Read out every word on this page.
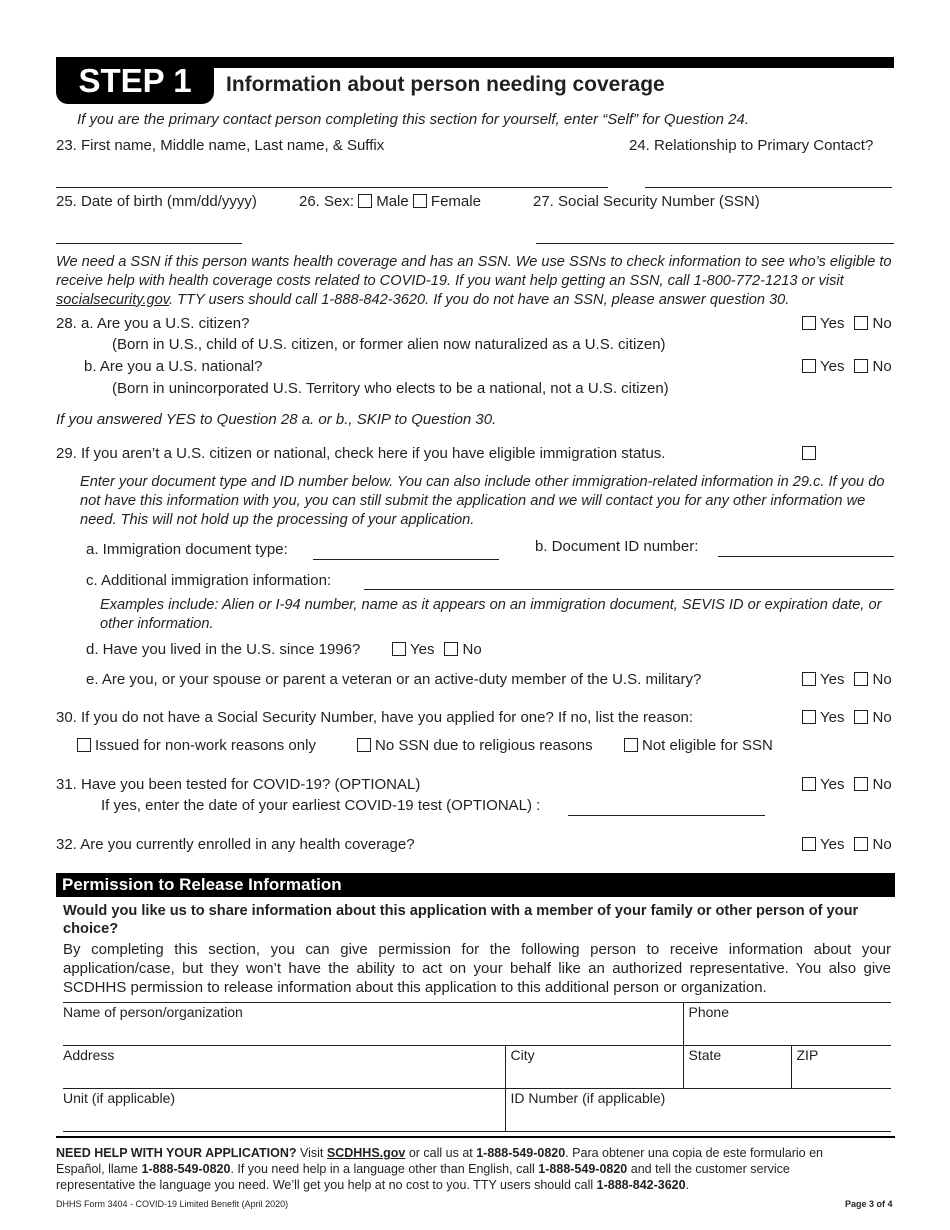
STEP 1	Information about person needing coverage
If you are the primary contact person completing this section for yourself, enter “Self” for Question 24.
23. First name, Middle name, Last name, & Suffix	24. Relationship to Primary Contact?
25. Date of birth (mm/dd/yyyy)	26. Sex: Male Female	27. Social Security Number (SSN)
We need a SSN if this person wants health coverage and has an SSN. We use SSNs to check information to see who’s eligible to receive help with health coverage costs related to COVID-19. If you want help getting an SSN, call 1-800-772-1213 or visit socialsecurity.gov. TTY users should call 1-888-842-3620. If you do not have an SSN, please answer question 30.
28. a. Are you a U.S. citizen?	Yes No
(Born in U.S., child of U.S. citizen, or former alien now naturalized as a U.S. citizen)
b. Are you a U.S. national?	Yes No
(Born in unincorporated U.S. Territory who elects to be a national, not a U.S. citizen)
If you answered YES to Question 28 a. or b., SKIP to Question 30.
29. If you aren’t a U.S. citizen or national, check here if you have eligible immigration status.
Enter your document type and ID number below. You can also include other immigration-related information in 29.c. If you do not have this information with you, you can still submit the application and we will contact you for any other information we need. This will not hold up the processing of your application.
a. Immigration document type:	b. Document ID number:
c. Additional immigration information:
Examples include: Alien or I-94 number, name as it appears on an immigration document, SEVIS ID or expiration date, or other information.
d. Have you lived in the U.S. since 1996?	Yes No
e. Are you, or your spouse or parent a veteran or an active-duty member of the U.S. military?	Yes No
30. If you do not have a Social Security Number, have you applied for one? If no, list the reason:	Yes No
Issued for non-work reasons only	No SSN due to religious reasons	Not eligible for SSN
31. Have you been tested for COVID-19? (OPTIONAL)	Yes No
If yes, enter the date of your earliest COVID-19 test (OPTIONAL) :
32. Are you currently enrolled in any health coverage?	Yes No
Permission to Release Information
Would you like us to share information about this application with a member of your family or other person of your choice?
By completing this section, you can give permission for the following person to receive information about your application/case, but they won’t have the ability to act on your behalf like an authorized representative. You also give SCDHHS permission to release information about this application to this additional person or organization.
Name of person/organization		Phone	
Address	City	State	ZIP
Unit (if applicable)	ID Number (if applicable)		
NEED HELP WITH YOUR APPLICATION? Visit SCDHHS.gov or call us at 1-888-549-0820. Para obtener una copia de este formulario en Español, llame 1-888-549-0820. If you need help in a language other than English, call 1-888-549-0820 and tell the customer service representative the language you need. We’ll get you help at no cost to you. TTY users should call 1-888-842-3620.
DHHS Form 3404 - COVID-19 Limited Benefit (April 2020)	Page 3 of 4
